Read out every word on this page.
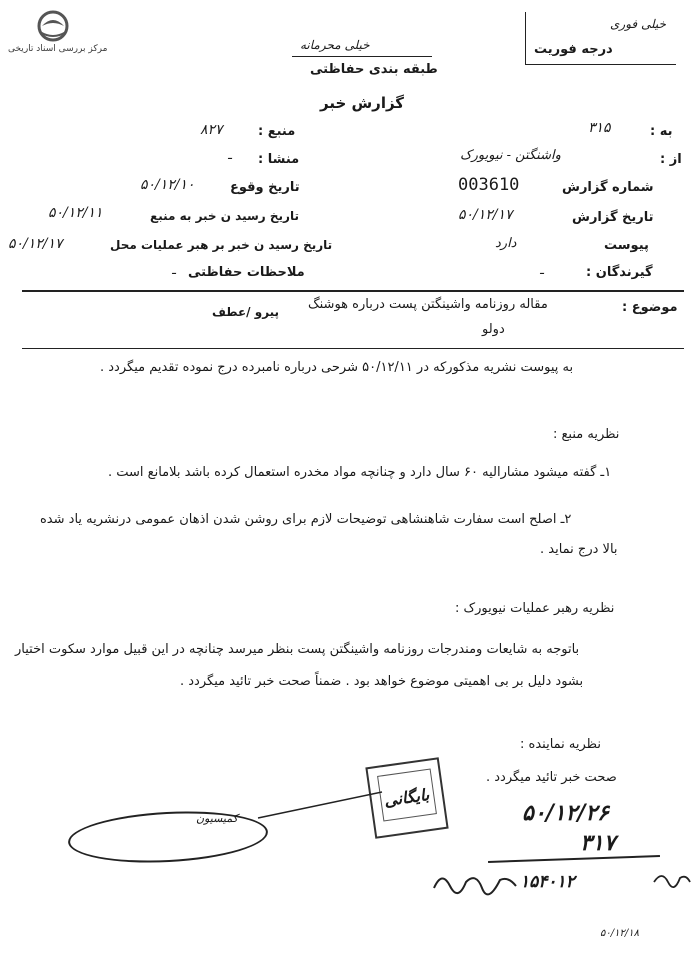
مرکز بررسی اسناد تاریخی	خیلی محرمانه
طبقه بندی حفاظتی
خیلی فوری
درجه فوریت
گزارش خبر
به :
۳۱۵
از :
واشنگتن - نیویورک
شماره گزارش
003610
تاریخ گزارش
۵۰/۱۲/۱۷
پیوست
دارد
گیرندگان :
ـ
منبع :
۸۲۷
منشا :
ـ
تاریخ وقوع
۵۰/۱۲/۱۰
۵۰/۱۲/۱۱	تاریخ رسید ن خبر به منبع
۵۰/۱۲/۱۷	تاریخ رسید ن خبر بر هبر عملیات محل
ملاحظات حفاظتی
ـ
موضوع :
مقاله روزنامه واشینگتن پست درباره هوشنگ
دولو
پیرو /عطف
به پیوست نشریه مذکورکه در ۵۰/۱۲/۱۱ شرحی درباره نامبرده درج نموده تقدیم میگردد .
نظریه منبع :
۱ـ گفته میشود مشارالیه ۶۰ سال دارد و چنانچه مواد مخدره استعمال کرده باشد بلامانع است .
۲ـ اصلح است سفارت شاهنشاهی توضیحات لازم برای روشن شدن اذهان عمومی درنشریه یاد شده
بالا درج نماید .
نظریه رهبر عملیات نیویورک :
باتوجه به شایعات ومندرجات روزنامه واشینگتن پست بنظر میرسد چنانچه در این قبیل موارد سکوت اختیار
بشود دلیل بر بی اهمیتی موضوع خواهد بود . ضمناً صحت خبر تائید میگردد .
نظریه نماینده :
صحت خبر تائید میگردد .
۵۰/۱۲/۲۶
۳۱۷
۱۵۴۰۱۲
۵۰/۱۲/۱۸
بایگانی
کمیسیون
